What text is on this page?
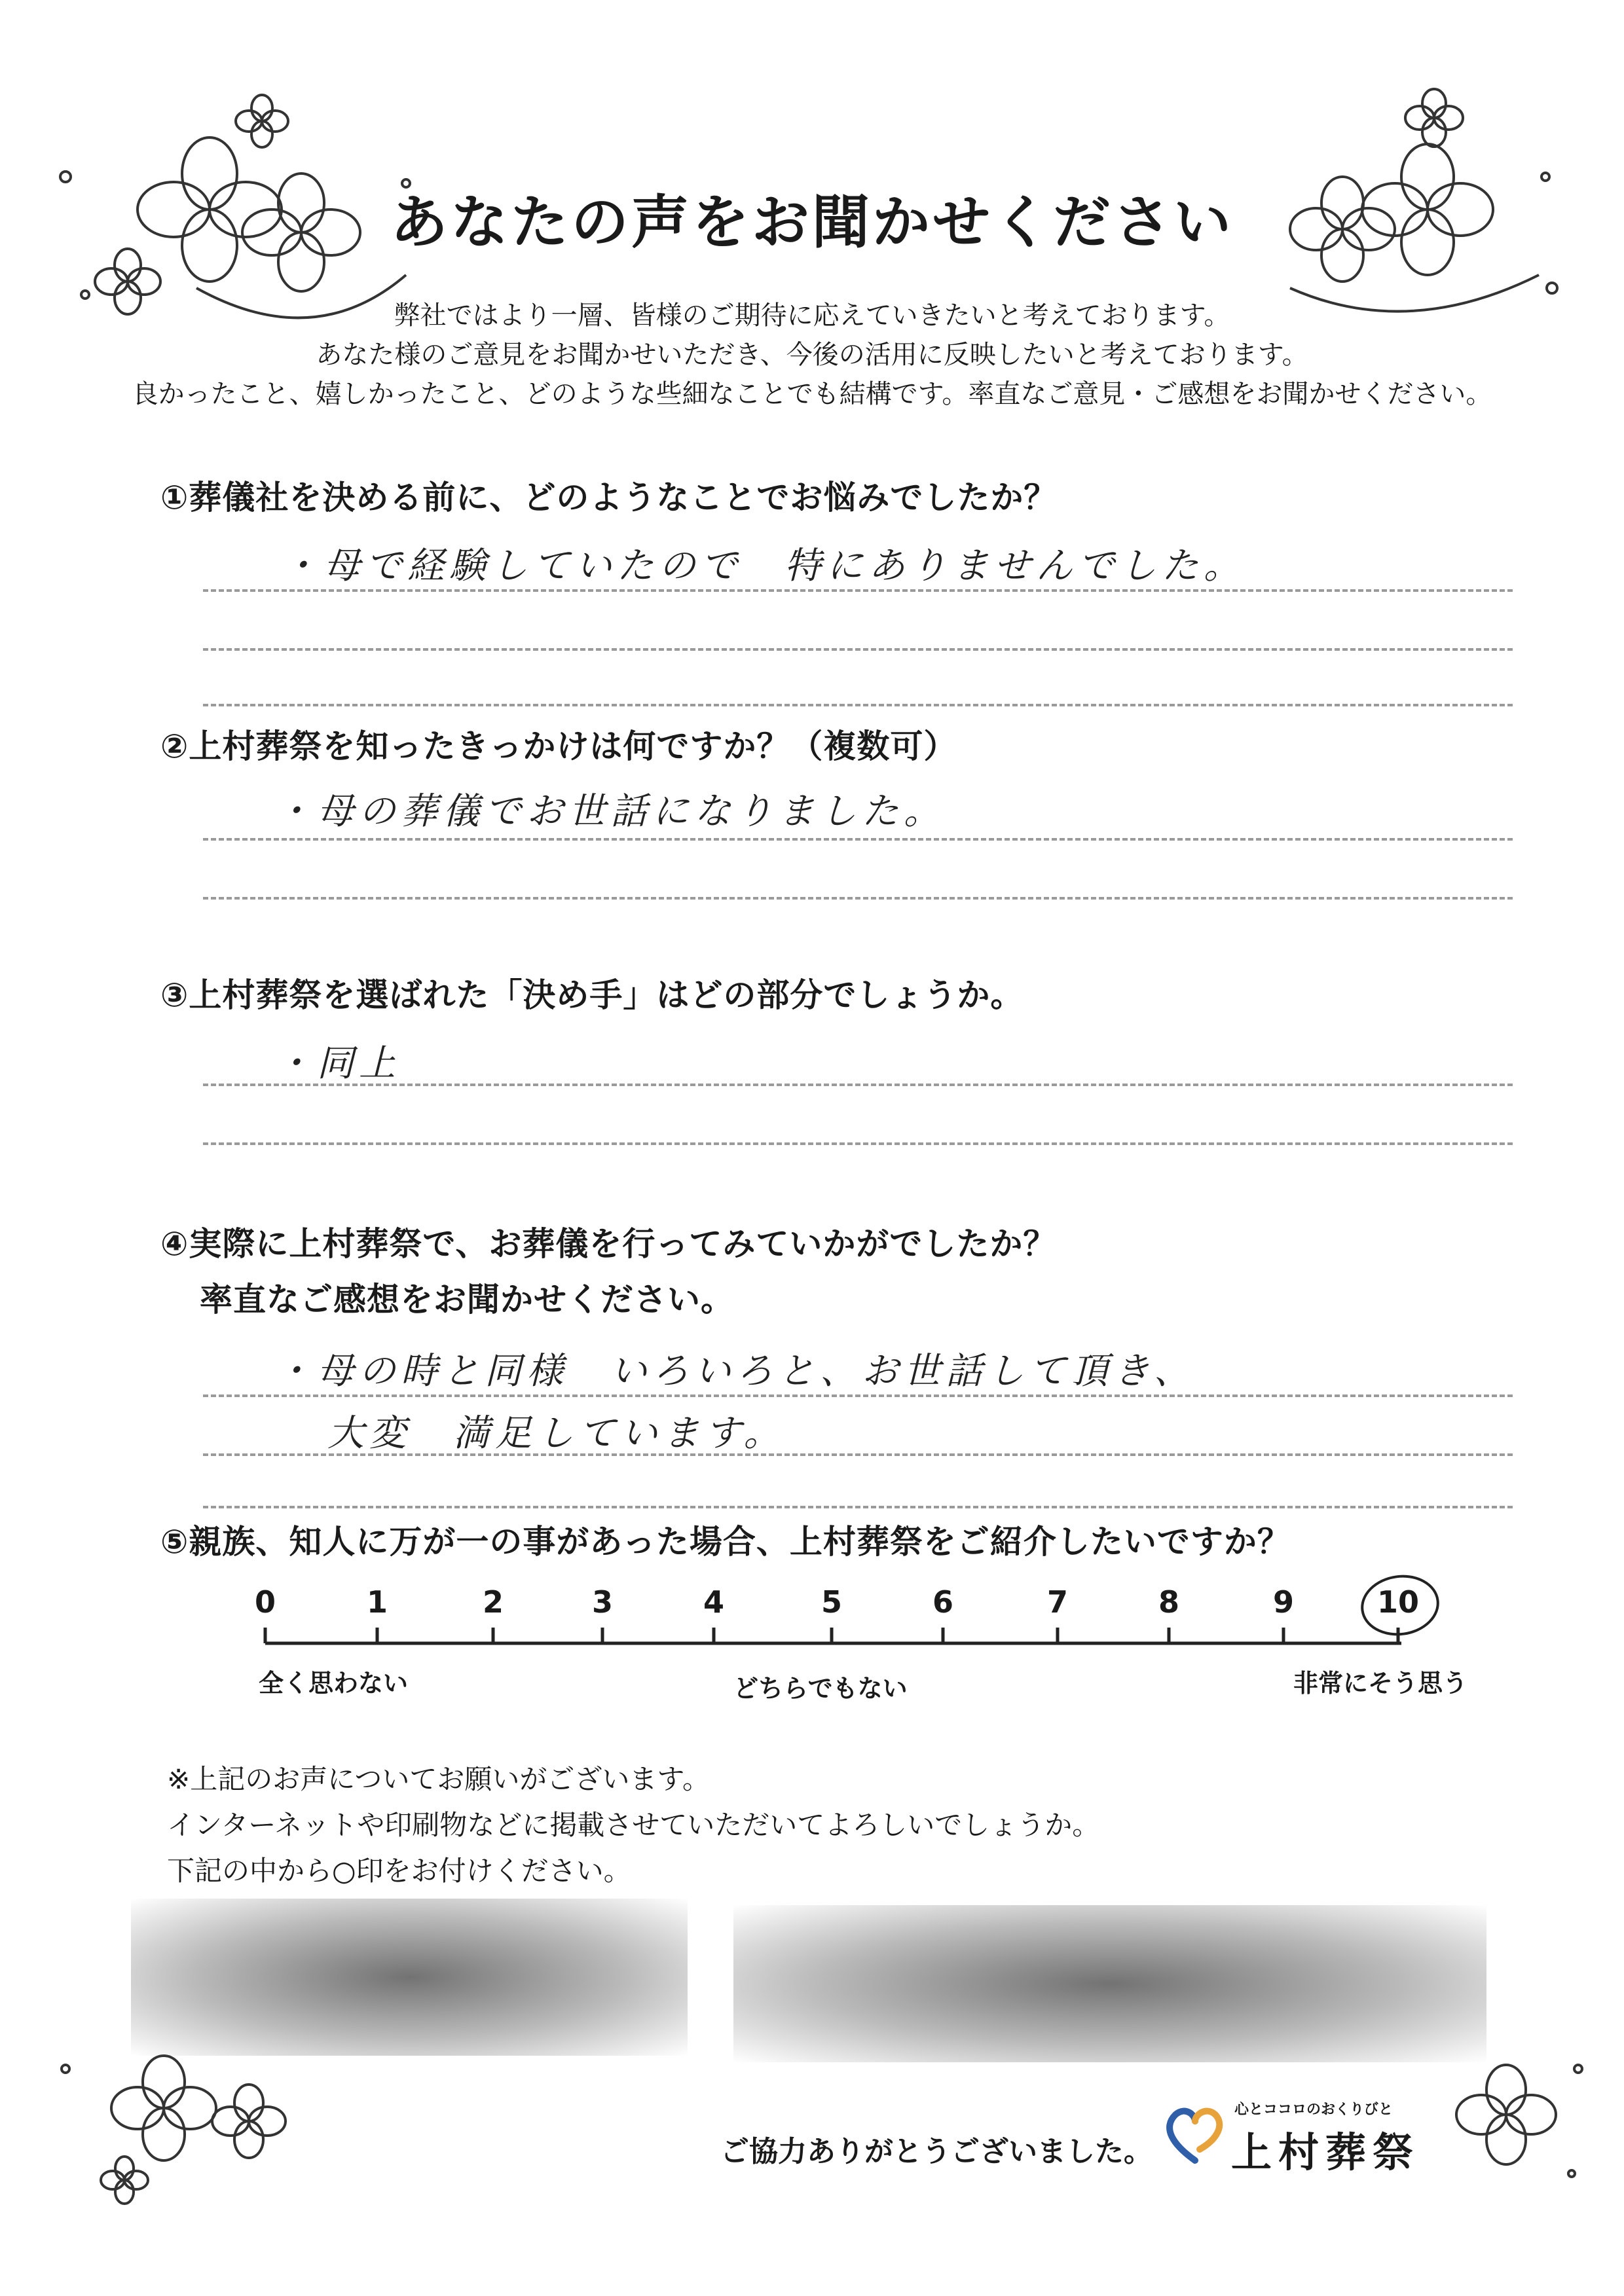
あなたの声をお聞かせください
弊社ではより一層、皆様のご期待に応えていきたいと考えております。
あなた様のご意見をお聞かせいただき、今後の活用に反映したいと考えております。
良かったこと、嬉しかったこと、どのような些細なことでも結構です。率直なご意見・ご感想をお聞かせください。
①葬儀社を決める前に、どのようなことでお悩みでしたか？
・母で経験していたので　特にありませんでした。
②上村葬祭を知ったきっかけは何ですか？（複数可）
・母の葬儀でお世話になりました。
③上村葬祭を選ばれた「決め手」はどの部分でしょうか。
・同上
④実際に上村葬祭で、お葬儀を行ってみていかがでしたか？
率直なご感想をお聞かせください。
・母の時と同様　いろいろと、お世話して頂き、
大変　満足しています。
⑤親族、知人に万が一の事があった場合、上村葬祭をご紹介したいですか？
0	1	2	3	4	5	6	7	8	9	10
全く思わない	どちらでもない	非常にそう思う
※上記のお声についてお願いがございます。
インターネットや印刷物などに掲載させていただいてよろしいでしょうか。
下記の中から○印をお付けください。
ご協力ありがとうございました。
心とココロのおくりびと
上村葬祭
